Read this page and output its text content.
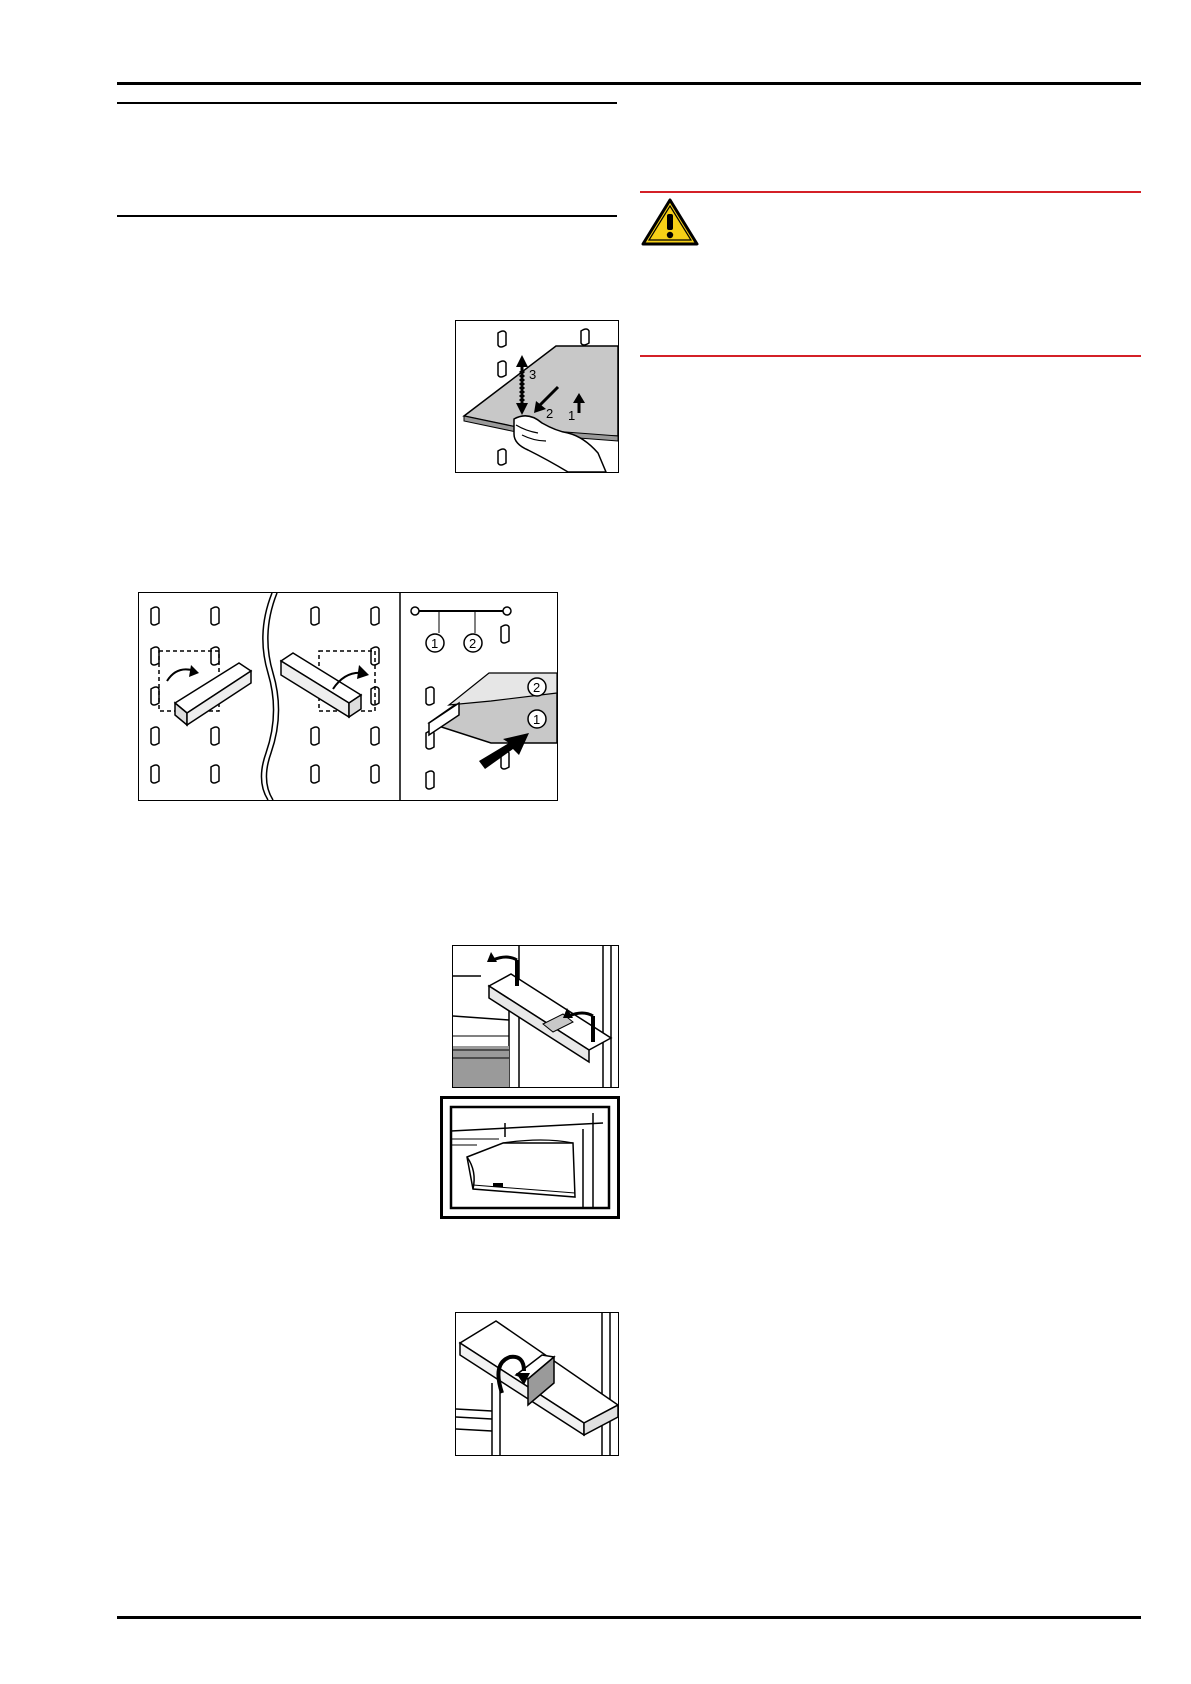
3
2 1
1 2
2
1
